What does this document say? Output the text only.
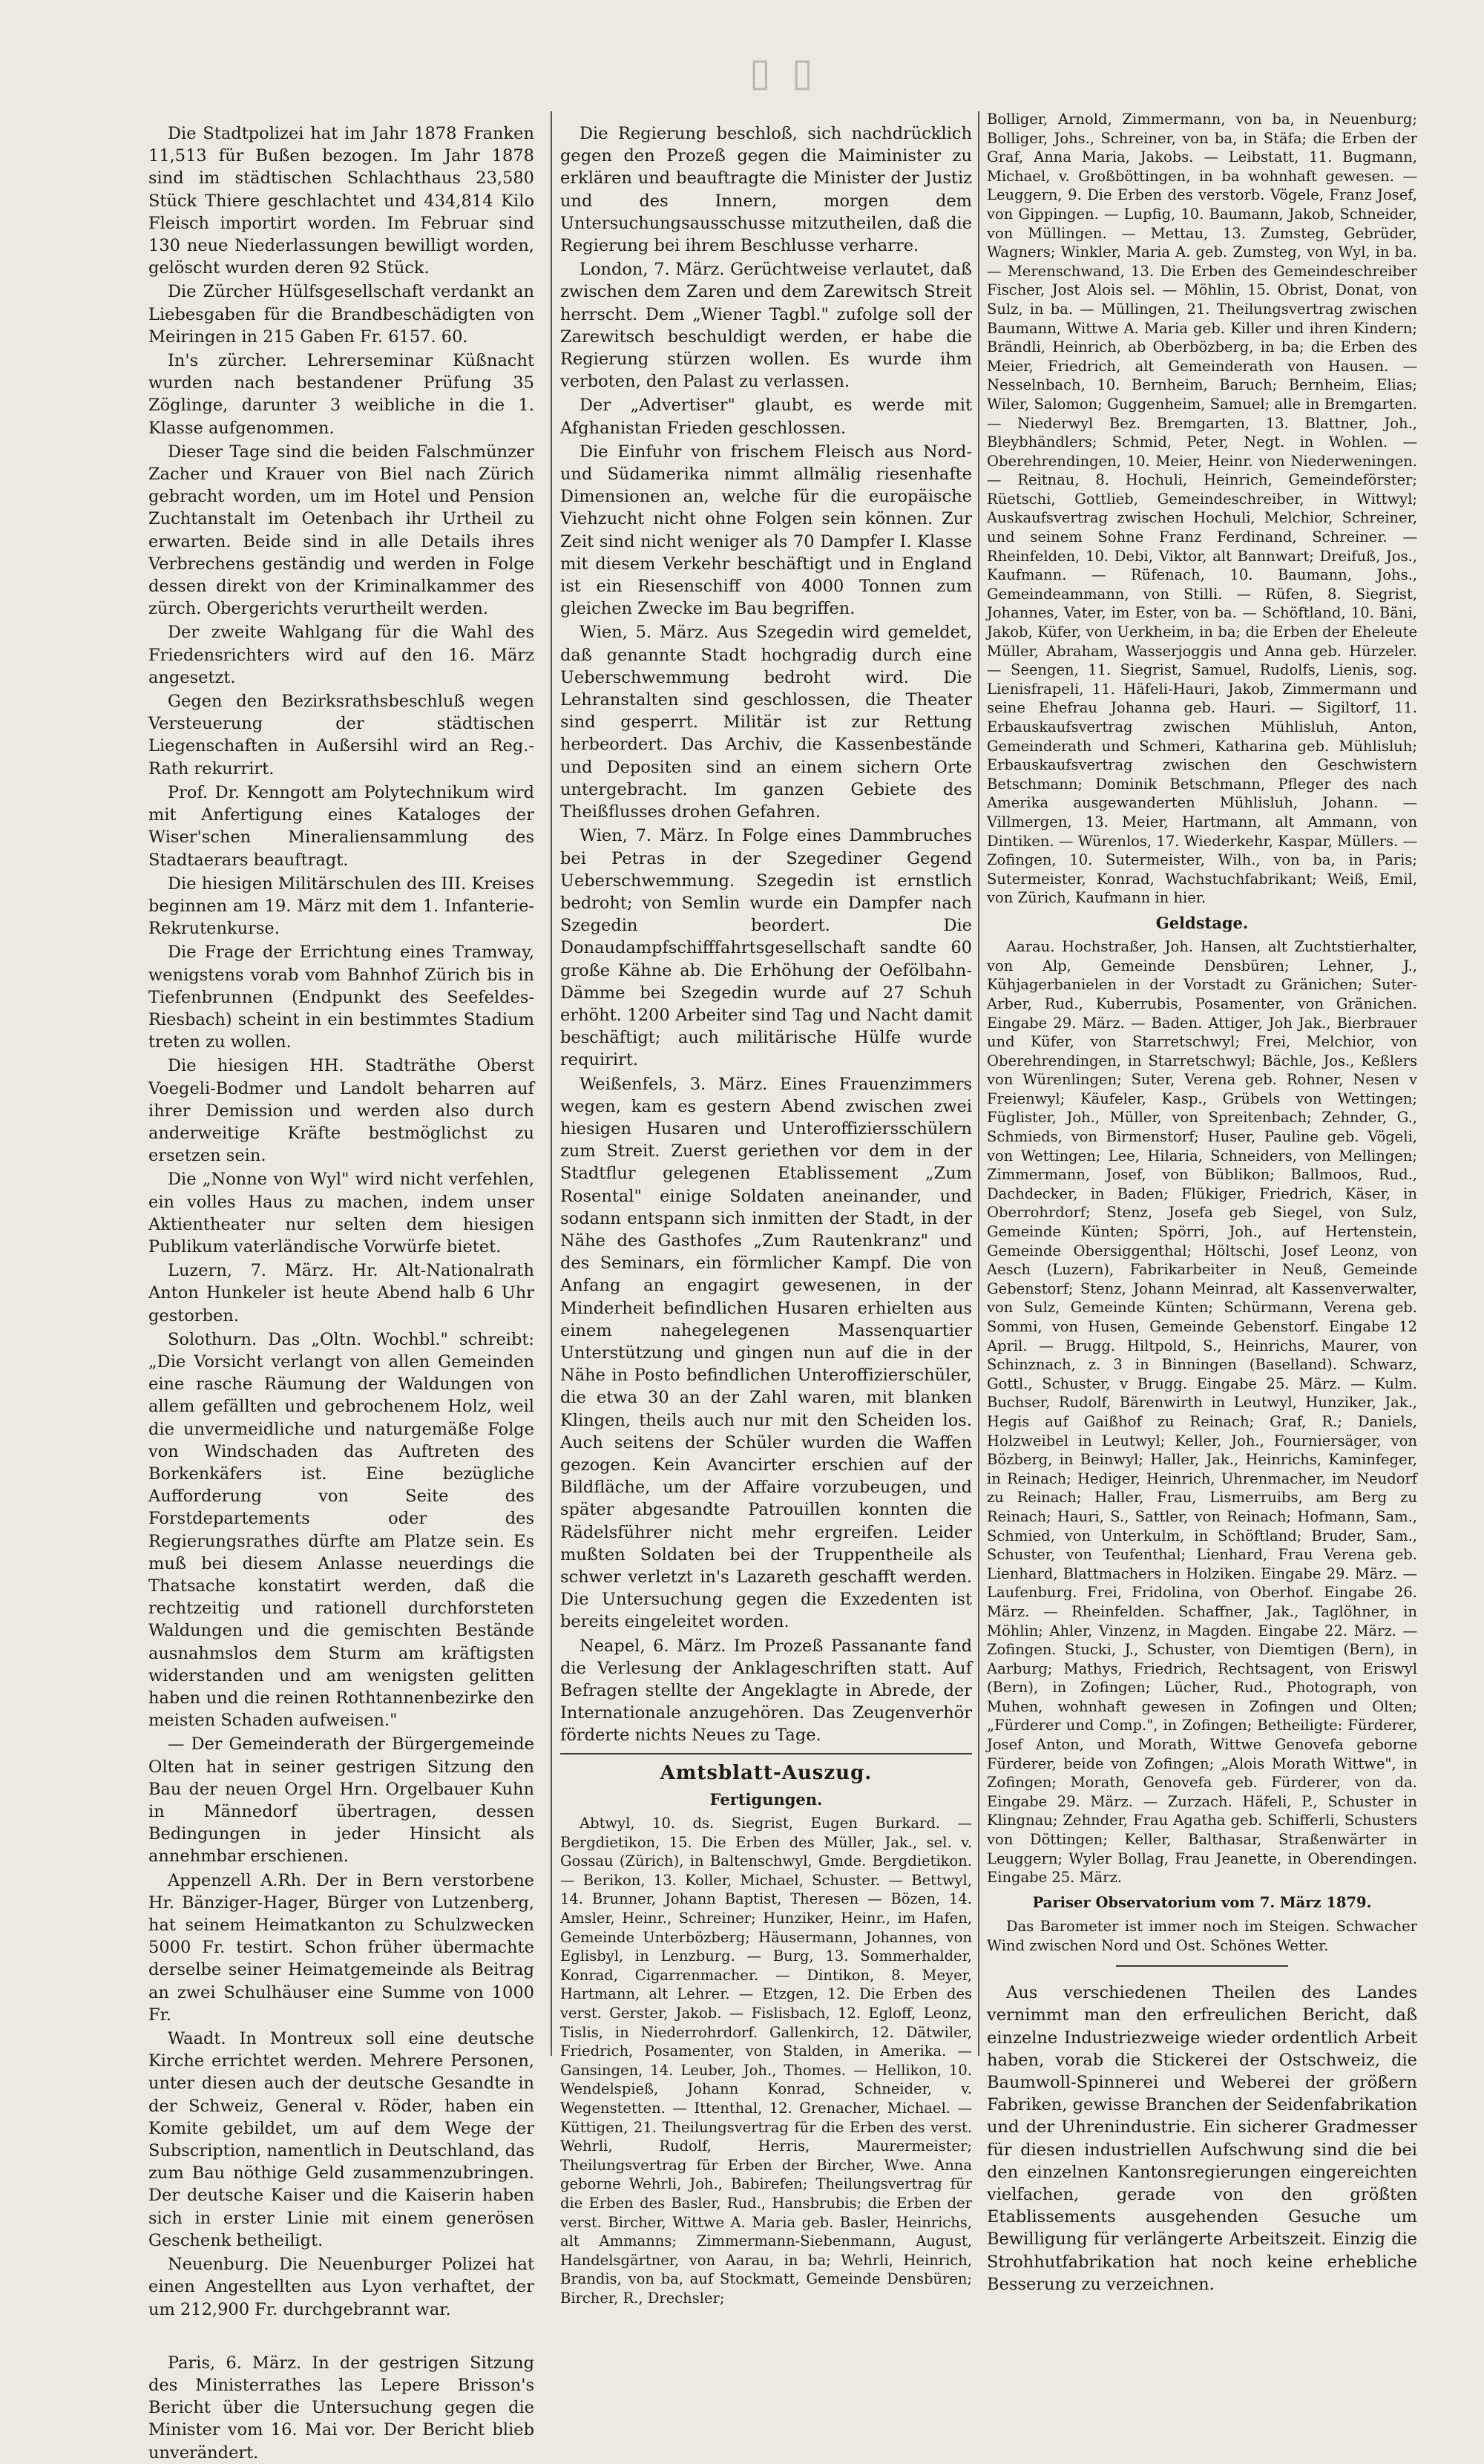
▯ ▯

Die Stadtpolizei hat im Jahr 1878 Franken 11,513 für Bußen bezogen. Im Jahr 1878 sind im städtischen Schlachthaus 23,580 Stück Thiere geschlachtet und 434,814 Kilo Fleisch importirt worden. Im Februar sind 130 neue Niederlassungen bewilligt worden, gelöscht wurden deren 92 Stück.

Die Zürcher Hülfsgesellschaft verdankt an Liebesgaben für die Brandbeschädigten von Meiringen in 215 Gaben Fr. 6157. 60.

In's zürcher. Lehrerseminar Küßnacht wurden nach bestandener Prüfung 35 Zöglinge, darunter 3 weibliche in die 1. Klasse aufgenommen.

Dieser Tage sind die beiden Falschmünzer Zacher und Krauer von Biel nach Zürich gebracht worden, um im Hotel und Pension Zuchtanstalt im Oetenbach ihr Urtheil zu erwarten. Beide sind in alle Details ihres Verbrechens geständig und werden in Folge dessen direkt von der Kriminalkammer des zürch. Obergerichts verurtheilt werden.

Der zweite Wahlgang für die Wahl des Friedensrichters wird auf den 16. März angesetzt.

Gegen den Bezirksrathsbeschluß wegen Versteuerung der städtischen Liegenschaften in Außersihl wird an Reg.-Rath rekurrirt.

Prof. Dr. Kenngott am Polytechnikum wird mit Anfertigung eines Kataloges der Wiser'schen Mineraliensammlung des Stadtaerars beauftragt.

Die hiesigen Militärschulen des III. Kreises beginnen am 19. März mit dem 1. Infanterie-Rekrutenkurse.

Die Frage der Errichtung eines Tramway, wenigstens vorab vom Bahnhof Zürich bis in Tiefenbrunnen (Endpunkt des Seefeldes-Riesbach) scheint in ein bestimmtes Stadium treten zu wollen.

Die hiesigen HH. Stadträthe Oberst Voegeli-Bodmer und Landolt beharren auf ihrer Demission und werden also durch anderweitige Kräfte bestmöglichst zu ersetzen sein.

Die „Nonne von Wyl" wird nicht verfehlen, ein volles Haus zu machen, indem unser Aktientheater nur selten dem hiesigen Publikum vaterländische Vorwürfe bietet.

Luzern, 7. März. Hr. Alt-Nationalrath Anton Hunkeler ist heute Abend halb 6 Uhr gestorben.

Solothurn. Das „Oltn. Wochbl." schreibt: „Die Vorsicht verlangt von allen Gemeinden eine rasche Räumung der Waldungen von allem gefällten und gebrochenem Holz, weil die unvermeidliche und naturgemäße Folge von Windschaden das Auftreten des Borkenkäfers ist. Eine bezügliche Aufforderung von Seite des Forstdepartements oder des Regierungsrathes dürfte am Platze sein. Es muß bei diesem Anlasse neuerdings die Thatsache konstatirt werden, daß die rechtzeitig und rationell durchforsteten Waldungen und die gemischten Bestände ausnahmslos dem Sturm am kräftigsten widerstanden und am wenigsten gelitten haben und die reinen Rothtannenbezirke den meisten Schaden aufweisen."

— Der Gemeinderath der Bürgergemeinde Olten hat in seiner gestrigen Sitzung den Bau der neuen Orgel Hrn. Orgelbauer Kuhn in Männedorf übertragen, dessen Bedingungen in jeder Hinsicht als annehmbar erschienen.

Appenzell A.Rh. Der in Bern verstorbene Hr. Bänziger-Hager, Bürger von Lutzenberg, hat seinem Heimatkanton zu Schulzwecken 5000 Fr. testirt. Schon früher übermachte derselbe seiner Heimatgemeinde als Beitrag an zwei Schulhäuser eine Summe von 1000 Fr.

Waadt. In Montreux soll eine deutsche Kirche errichtet werden. Mehrere Personen, unter diesen auch der deutsche Gesandte in der Schweiz, General v. Röder, haben ein Komite gebildet, um auf dem Wege der Subscription, namentlich in Deutschland, das zum Bau nöthige Geld zusammenzubringen. Der deutsche Kaiser und die Kaiserin haben sich in erster Linie mit einem generösen Geschenk betheiligt.

Neuenburg. Die Neuenburger Polizei hat einen Angestellten aus Lyon verhaftet, der um 212,900 Fr. durchgebrannt war.

Paris, 6. März. In der gestrigen Sitzung des Ministerrathes las Lepere Brisson's Bericht über die Untersuchung gegen die Minister vom 16. Mai vor. Der Bericht blieb unverändert.

Die Regierung beschloß, sich nachdrücklich gegen den Prozeß gegen die Maiminister zu erklären und beauftragte die Minister der Justiz und des Innern, morgen dem Untersuchungsausschusse mitzutheilen, daß die Regierung bei ihrem Beschlusse verharre.

London, 7. März. Gerüchtweise verlautet, daß zwischen dem Zaren und dem Zarewitsch Streit herrscht. Dem „Wiener Tagbl." zufolge soll der Zarewitsch beschuldigt werden, er habe die Regierung stürzen wollen. Es wurde ihm verboten, den Palast zu verlassen.

Der „Advertiser" glaubt, es werde mit Afghanistan Frieden geschlossen.

Die Einfuhr von frischem Fleisch aus Nord- und Südamerika nimmt allmälig riesenhafte Dimensionen an, welche für die europäische Viehzucht nicht ohne Folgen sein können. Zur Zeit sind nicht weniger als 70 Dampfer I. Klasse mit diesem Verkehr beschäftigt und in England ist ein Riesenschiff von 4000 Tonnen zum gleichen Zwecke im Bau begriffen.

Wien, 5. März. Aus Szegedin wird gemeldet, daß genannte Stadt hochgradig durch eine Ueberschwemmung bedroht wird. Die Lehranstalten sind geschlossen, die Theater sind gesperrt. Militär ist zur Rettung herbeordert. Das Archiv, die Kassenbestände und Depositen sind an einem sichern Orte untergebracht. Im ganzen Gebiete des Theißflusses drohen Gefahren.

Wien, 7. März. In Folge eines Dammbruches bei Petras in der Szegediner Gegend Ueberschwemmung. Szegedin ist ernstlich bedroht; von Semlin wurde ein Dampfer nach Szegedin beordert. Die Donaudampfschifffahrtsgesellschaft sandte 60 große Kähne ab. Die Erhöhung der Oefölbahn-Dämme bei Szegedin wurde auf 27 Schuh erhöht. 1200 Arbeiter sind Tag und Nacht damit beschäftigt; auch militärische Hülfe wurde requirirt.

Weißenfels, 3. März. Eines Frauenzimmers wegen, kam es gestern Abend zwischen zwei hiesigen Husaren und Unteroffiziersschülern zum Streit. Zuerst geriethen vor dem in der Stadtflur gelegenen Etablissement „Zum Rosental" einige Soldaten aneinander, und sodann entspann sich inmitten der Stadt, in der Nähe des Gasthofes „Zum Rautenkranz" und des Seminars, ein förmlicher Kampf. Die von Anfang an engagirt gewesenen, in der Minderheit befindlichen Husaren erhielten aus einem nahegelegenen Massenquartier Unterstützung und gingen nun auf die in der Nähe in Posto befindlichen Unteroffizierschüler, die etwa 30 an der Zahl waren, mit blanken Klingen, theils auch nur mit den Scheiden los. Auch seitens der Schüler wurden die Waffen gezogen. Kein Avancirter erschien auf der Bildfläche, um der Affaire vorzubeugen, und später abgesandte Patrouillen konnten die Rädelsführer nicht mehr ergreifen. Leider mußten Soldaten bei der Truppentheile als schwer verletzt in's Lazareth geschafft werden. Die Untersuchung gegen die Exzedenten ist bereits eingeleitet worden.

Neapel, 6. März. Im Prozeß Passanante fand die Verlesung der Anklageschriften statt. Auf Befragen stellte der Angeklagte in Abrede, der Internationale anzugehören. Das Zeugenverhör förderte nichts Neues zu Tage.

Amtsblatt-Auszug.
Fertigungen.

Abtwyl, 10. ds. Siegrist, Eugen Burkard. — Bergdietikon, 15. Die Erben des Müller, Jak., sel. v. Gossau (Zürich), in Baltenschwyl, Gmde. Bergdietikon. — Berikon, 13. Koller, Michael, Schuster. — Bettwyl, 14. Brunner, Johann Baptist, Theresen — Bözen, 14. Amsler, Heinr., Schreiner; Hunziker, Heinr., im Hafen, Gemeinde Unterbözberg; Häusermann, Johannes, von Eglisbyl, in Lenzburg. — Burg, 13. Sommerhalder, Konrad, Cigarrenmacher. — Dintikon, 8. Meyer, Hartmann, alt Lehrer. — Etzgen, 12. Die Erben des verst. Gerster, Jakob. — Fislisbach, 12. Egloff, Leonz, Tislis, in Niederrohrdorf. Gallenkirch, 12. Dätwiler, Friedrich, Posamenter, von Stalden, in Amerika. — Gansingen, 14. Leuber, Joh., Thomes. — Hellikon, 10. Wendelspieß, Johann Konrad, Schneider, v. Wegenstetten. — Ittenthal, 12. Grenacher, Michael. — Küttigen, 21. Theilungsvertrag für die Erben des verst. Wehrli, Rudolf, Herris, Maurermeister; Theilungsvertrag für Erben der Bircher, Wwe. Anna geborne Wehrli, Joh., Babirefen; Theilungsvertrag für die Erben des Basler, Rud., Hansbrubis; die Erben der verst. Bircher, Wittwe A. Maria geb. Basler, Heinrichs, alt Ammanns; Zimmermann-Siebenmann, August, Handelsgärtner, von Aarau, in ba; Wehrli, Heinrich, Brandis, von ba, auf Stockmatt, Gemeinde Densbüren; Bircher, R., Drechsler;

Bolliger, Arnold, Zimmermann, von ba, in Neuenburg; Bolliger, Johs., Schreiner, von ba, in Stäfa; die Erben der Graf, Anna Maria, Jakobs. — Leibstatt, 11. Bugmann, Michael, v. Großböttingen, in ba wohnhaft gewesen. — Leuggern, 9. Die Erben des verstorb. Vögele, Franz Josef, von Gippingen. — Lupfig, 10. Baumann, Jakob, Schneider, von Müllingen. — Mettau, 13. Zumsteg, Gebrüder, Wagners; Winkler, Maria A. geb. Zumsteg, von Wyl, in ba. — Merenschwand, 13. Die Erben des Gemeindeschreiber Fischer, Jost Alois sel. — Möhlin, 15. Obrist, Donat, von Sulz, in ba. — Müllingen, 21. Theilungsvertrag zwischen Baumann, Wittwe A. Maria geb. Killer und ihren Kindern; Brändli, Heinrich, ab Oberbözberg, in ba; die Erben des Meier, Friedrich, alt Gemeinderath von Hausen. — Nesselnbach, 10. Bernheim, Baruch; Bernheim, Elias; Wiler, Salomon; Guggenheim, Samuel; alle in Bremgarten. — Niederwyl Bez. Bremgarten, 13. Blattner, Joh., Bleybhändlers; Schmid, Peter, Negt. in Wohlen. — Oberehrendingen, 10. Meier, Heinr. von Niederweningen. — Reitnau, 8. Hochuli, Heinrich, Gemeindeförster; Rüetschi, Gottlieb, Gemeindeschreiber, in Wittwyl; Auskaufsvertrag zwischen Hochuli, Melchior, Schreiner, und seinem Sohne Franz Ferdinand, Schreiner. — Rheinfelden, 10. Debi, Viktor, alt Bannwart; Dreifuß, Jos., Kaufmann. — Rüfenach, 10. Baumann, Johs., Gemeindeammann, von Stilli. — Rüfen, 8. Siegrist, Johannes, Vater, im Ester, von ba. — Schöftland, 10. Bäni, Jakob, Küfer, von Uerkheim, in ba; die Erben der Eheleute Müller, Abraham, Wasserjoggis und Anna geb. Hürzeler. — Seengen, 11. Siegrist, Samuel, Rudolfs, Lienis, sog. Lienisfrapeli, 11. Häfeli-Hauri, Jakob, Zimmermann und seine Ehefrau Johanna geb. Hauri. — Sigiltorf, 11. Erbauskaufsvertrag zwischen Mühlisluh, Anton, Gemeinderath und Schmeri, Katharina geb. Mühlisluh; Erbauskaufsvertrag zwischen den Geschwistern Betschmann; Dominik Betschmann, Pfleger des nach Amerika ausgewanderten Mühlisluh, Johann. — Villmergen, 13. Meier, Hartmann, alt Ammann, von Dintiken. — Würenlos, 17. Wiederkehr, Kaspar, Müllers. — Zofingen, 10. Sutermeister, Wilh., von ba, in Paris; Sutermeister, Konrad, Wachstuchfabrikant; Weiß, Emil, von Zürich, Kaufmann in hier.

Geldstage.

Aarau. Hochstraßer, Joh. Hansen, alt Zuchtstierhalter, von Alp, Gemeinde Densbüren; Lehner, J., Kühjagerbanielen in der Vorstadt zu Gränichen; Suter-Arber, Rud., Kuberrubis, Posamenter, von Gränichen. Eingabe 29. März. — Baden. Attiger, Joh Jak., Bierbrauer und Küfer, von Starretschwyl; Frei, Melchior, von Oberehrendingen, in Starretschwyl; Bächle, Jos., Keßlers von Würenlingen; Suter, Verena geb. Rohner, Nesen v Freienwyl; Käufeler, Kasp., Grübels von Wettingen; Füglister, Joh., Müller, von Spreitenbach; Zehnder, G., Schmieds, von Birmenstorf; Huser, Pauline geb. Vögeli, von Wettingen; Lee, Hilaria, Schneiders, von Mellingen; Zimmermann, Josef, von Büblikon; Ballmoos, Rud., Dachdecker, in Baden; Flükiger, Friedrich, Käser, in Oberrohrdorf; Stenz, Josefa geb Siegel, von Sulz, Gemeinde Künten; Spörri, Joh., auf Hertenstein, Gemeinde Obersiggenthal; Höltschi, Josef Leonz, von Aesch (Luzern), Fabrikarbeiter in Neuß, Gemeinde Gebenstorf; Stenz, Johann Meinrad, alt Kassenverwalter, von Sulz, Gemeinde Künten; Schürmann, Verena geb. Sommi, von Husen, Gemeinde Gebenstorf. Eingabe 12 April. — Brugg. Hiltpold, S., Heinrichs, Maurer, von Schinznach, z. 3 in Binningen (Baselland). Schwarz, Gottl., Schuster, v Brugg. Eingabe 25. März. — Kulm. Buchser, Rudolf, Bärenwirth in Leutwyl, Hunziker, Jak., Hegis auf Gaißhof zu Reinach; Graf, R.; Daniels, Holzweibel in Leutwyl; Keller, Joh., Fourniersäger, von Bözberg, in Beinwyl; Haller, Jak., Heinrichs, Kaminfeger, in Reinach; Hediger, Heinrich, Uhrenmacher, im Neudorf zu Reinach; Haller, Frau, Lismerruibs, am Berg zu Reinach; Hauri, S., Sattler, von Reinach; Hofmann, Sam., Schmied, von Unterkulm, in Schöftland; Bruder, Sam., Schuster, von Teufenthal; Lienhard, Frau Verena geb. Lienhard, Blattmachers in Holziken. Eingabe 29. März. — Laufenburg. Frei, Fridolina, von Oberhof. Eingabe 26. März. — Rheinfelden. Schaffner, Jak., Taglöhner, in Möhlin; Ahler, Vinzenz, in Magden. Eingabe 22. März. — Zofingen. Stucki, J., Schuster, von Diemtigen (Bern), in Aarburg; Mathys, Friedrich, Rechtsagent, von Eriswyl (Bern), in Zofingen; Lücher, Rud., Photograph, von Muhen, wohnhaft gewesen in Zofingen und Olten; „Fürderer und Comp.", in Zofingen; Betheiligte: Fürderer, Josef Anton, und Morath, Wittwe Genovefa geborne Fürderer, beide von Zofingen; „Alois Morath Wittwe", in Zofingen; Morath, Genovefa geb. Fürderer, von da. Eingabe 29. März. — Zurzach. Häfeli, P., Schuster in Klingnau; Zehnder, Frau Agatha geb. Schifferli, Schusters von Döttingen; Keller, Balthasar, Straßenwärter in Leuggern; Wyler Bollag, Frau Jeanette, in Oberendingen. Eingabe 25. März.

Pariser Observatorium vom 7. März 1879.

Das Barometer ist immer noch im Steigen. Schwacher Wind zwischen Nord und Ost. Schönes Wetter.

Aus verschiedenen Theilen des Landes vernimmt man den erfreulichen Bericht, daß einzelne Industriezweige wieder ordentlich Arbeit haben, vorab die Stickerei der Ostschweiz, die Baumwoll-Spinnerei und Weberei der größern Fabriken, gewisse Branchen der Seidenfabrikation und der Uhrenindustrie. Ein sicherer Gradmesser für diesen industriellen Aufschwung sind die bei den einzelnen Kantonsregierungen eingereichten vielfachen, gerade von den größten Etablissements ausgehenden Gesuche um Bewilligung für verlängerte Arbeitszeit. Einzig die Strohhutfabrikation hat noch keine erhebliche Besserung zu verzeichnen.
